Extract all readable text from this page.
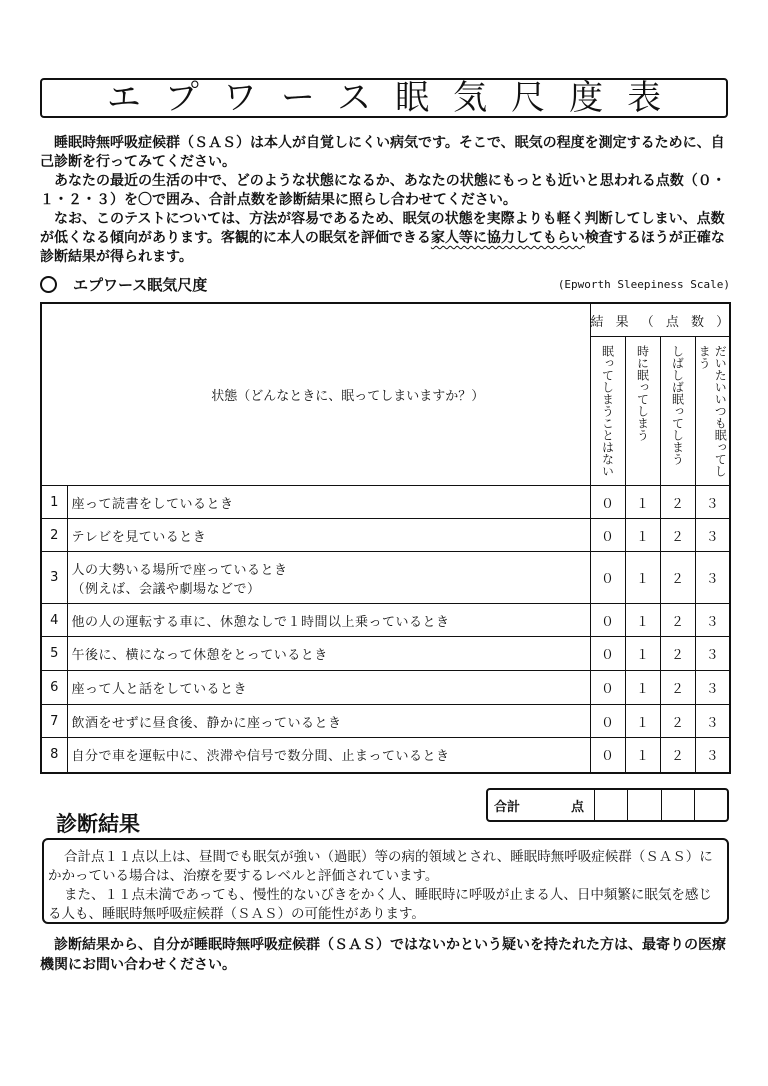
エプワース眠気尺度表

睡眠時無呼吸症候群（ＳＡＳ）は本人が自覚しにくい病気です。そこで、眠気の程度を測定するために、自己診断を行ってみてください。

あなたの最近の生活の中で、どのような状態になるか、あなたの状態にもっとも近いと思われる点数（０・１・２・３）を〇で囲み、合計点数を診断結果に照らし合わせてください。

なお、このテストについては、方法が容易であるため、眠気の状態を実際よりも軽く判断してしまい、点数が低くなる傾向があります。客観的に本人の眠気を評価できる家人等に協力してもらい検査するほうが正確な診断結果が得られます。

エプワース眠気尺度	(Epworth Sleepiness Scale)
状態（どんなときに、眠ってしまいますか？）		結 果 （ 点 数 ）			
		眠ってしまうことはない	時に眠ってしまう	しばしば眠ってしまう	だいたいいつも眠ってしまう
1	座って読書をしているとき	０	１	２	３
2	テレビを見ているとき	０	１	２	３
3	人の大勢いる場所で座っているとき
（例えば、会議や劇場などで）	０	１	２	３
4	他の人の運転する車に、休憩なしで１時間以上乗っているとき	０	１	２	３
5	午後に、横になって休憩をとっているとき	０	１	２	３
6	座って人と話をしているとき	０	１	２	３
7	飲酒をせずに昼食後、静かに座っているとき	０	１	２	３
8	自分で車を運転中に、渋滞や信号で数分間、止まっているとき	０	１	２	３
合計	点
診断結果

合計点１１点以上は、昼間でも眠気が強い（過眠）等の病的領域とされ、睡眠時無呼吸症候群（ＳＡＳ）にかかっている場合は、治療を要するレベルと評価されています。

また、１１点未満であっても、慢性的ないびきをかく人、睡眠時に呼吸が止まる人、日中頻繁に眠気を感じる人も、睡眠時無呼吸症候群（ＳＡＳ）の可能性があります。

診断結果から、自分が睡眠時無呼吸症候群（ＳＡＳ）ではないかという疑いを持たれた方は、最寄りの医療機関にお問い合わせください。
